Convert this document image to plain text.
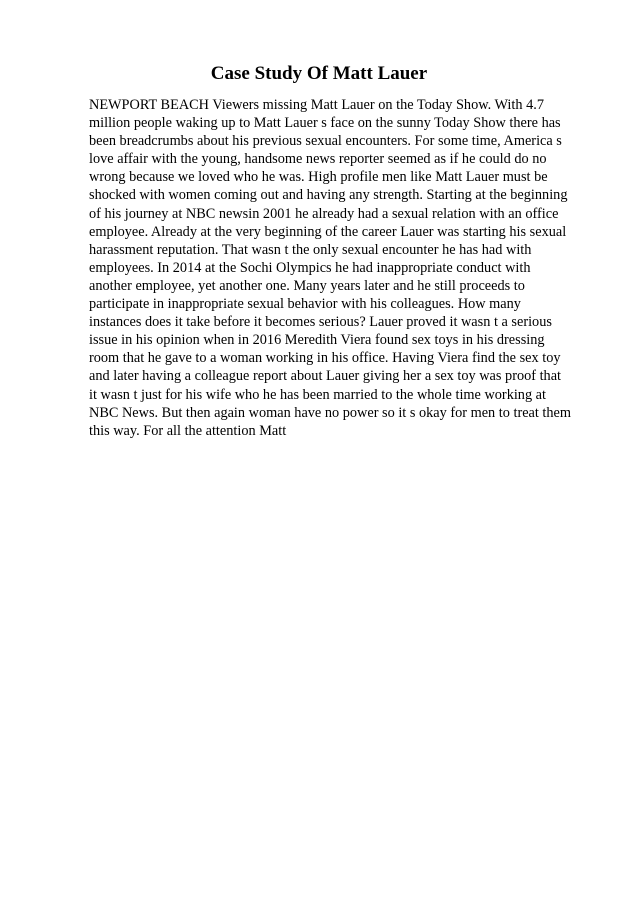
Case Study Of Matt Lauer
NEWPORT BEACH Viewers missing Matt Lauer on the Today Show. With 4.7
million people waking up to Matt Lauer s face on the sunny Today Show there has
been breadcrumbs about his previous sexual encounters. For some time, America s
love affair with the young, handsome news reporter seemed as if he could do no
wrong because we loved who he was. High profile men like Matt Lauer must be
shocked with women coming out and having any strength. Starting at the beginning
of his journey at NBC newsin 2001 he already had a sexual relation with an office
employee. Already at the very beginning of the career Lauer was starting his sexual
harassment reputation. That wasn t the only sexual encounter he has had with
employees. In 2014 at the Sochi Olympics he had inappropriate conduct with
another employee, yet another one. Many years later and he still proceeds to
participate in inappropriate sexual behavior with his colleagues. How many
instances does it take before it becomes serious? Lauer proved it wasn t a serious
issue in his opinion when in 2016 Meredith Viera found sex toys in his dressing
room that he gave to a woman working in his office. Having Viera find the sex toy
and later having a colleague report about Lauer giving her a sex toy was proof that
it wasn t just for his wife who he has been married to the whole time working at
NBC News. But then again woman have no power so it s okay for men to treat them
this way. For all the attention Matt
